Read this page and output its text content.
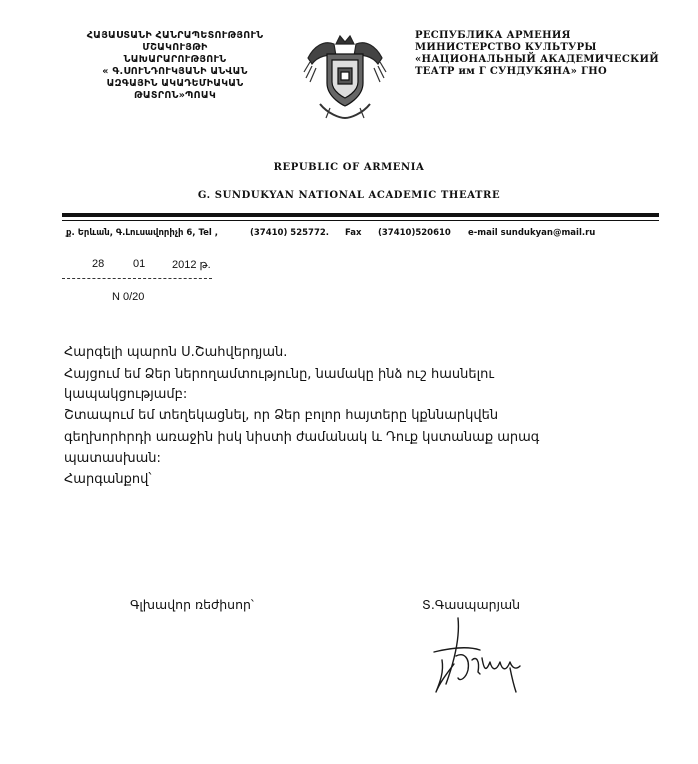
ՀԱՅԱՍՏԱՆԻ ՀԱՆՐԱՊԵՏՈՒԹՅՈՒՆ
ՄՇԱԿՈՒՅԹԻ
ՆԱԽԱՐԱՐՈՒԹՅՈՒՆ
« Գ.ՍՈՒՆԴՈՒԿՅԱՆԻ ԱՆՎԱՆ
ԱԶԳԱՅԻՆ ԱԿԱԴԵՄԻԱԿԱՆ
ԹԱՏՐՈՆ»ՊՈԱԿ
РЕСПУБЛИКА АРМЕНИЯ
МИНИСТЕРСТВО КУЛЬТУРЫ
«НАЦИОНАЛЬНЫЙ АКАДЕМИЧЕСКИЙ
ТЕАТР им Г СУНДУКЯНА» ГНО
REPUBLIC OF ARMENIA
G. SUNDUKYAN NATIONAL ACADEMIC THEATRE
ք. Երևան, Գ.Լուսավորիչի 6, Tel ,	(37410) 525772. Fax (37410)520610 e-mail sundukyan@mail.ru
28	01 2012 թ.
N 0/20
Հարգելի պարոն Ս.Շահվերդյան.
Հայցում եմ Ձեր ներողամտությունը, նամակը ինձ ուշ հասնելու
կապակցությամբ:
Շտապում եմ տեղեկացնել, որ Ձեր բոլոր հայտերը կքննարկվեն
գեղխորհրդի առաջին իսկ նիստի ժամանակ և Դուք կստանաք արագ
պատասխան:
Հարգանքով՝
Գլխավոր ռեժիսոր՝	Տ.Գասպարյան
